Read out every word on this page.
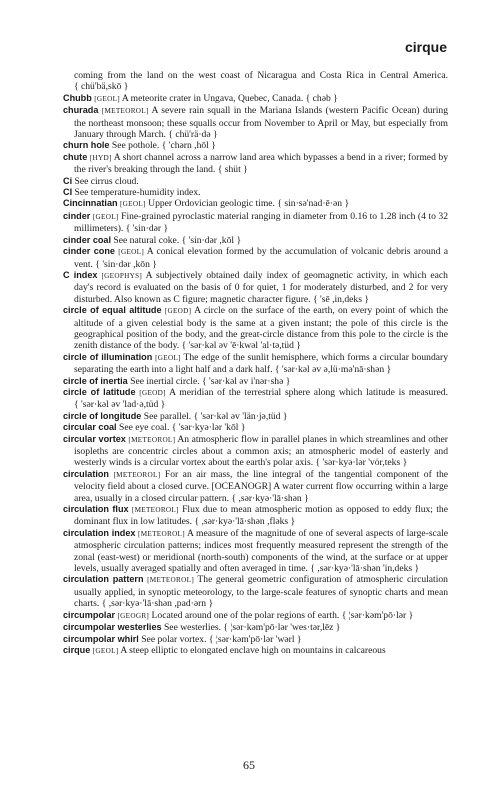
cirque
coming from the land on the west coast of Nicaragua and Costa Rica in Central America. { chü'bä,skō }
Chubb [GEOL] A meteorite crater in Ungava, Quebec, Canada. { chəb }
churada [METEOROL] A severe rain squall in the Mariana Islands (western Pacific Ocean) during the northeast monsoon; these squalls occur from November to April or May, but especially from January through March. { chü'rä·də }
churn hole See pothole. { 'chərn ,hōl }
chute [HYD] A short channel across a narrow land area which bypasses a bend in a river; formed by the river's breaking through the land. { shüt }
Ci See cirrus cloud.
CI See temperature-humidity index.
Cincinnatian [GEOL] Upper Ordovician geologic time. { sin·sə'nad·ē·ən }
cinder [GEOL] Fine-grained pyroclastic material ranging in diameter from 0.16 to 1.28 inch (4 to 32 millimeters). { 'sin·dər }
cinder coal See natural coke. { 'sin·dər ,kōl }
cinder cone [GEOL] A conical elevation formed by the accumulation of volcanic debris around a vent. { 'sin·dər ,kōn }
C index [GEOPHYS] A subjectively obtained daily index of geomagnetic activity, in which each day's record is evaluated on the basis of 0 for quiet, 1 for moderately disturbed, and 2 for very disturbed. Also known as C figure; magnetic character figure. { 'sē ,in,deks }
circle of equal altitude [GEOD] A circle on the surface of the earth, on every point of which the altitude of a given celestial body is the same at a given instant; the pole of this circle is the geographical position of the body, and the great-circle distance from this pole to the circle is the zenith distance of the body. { 'sər·kəl əv 'ē·kwəl 'al·tə,tüd }
circle of illumination [GEOL] The edge of the sunlit hemisphere, which forms a circular boundary separating the earth into a light half and a dark half. { 'sər·kəl əv ə,lü·mə'nā·shən }
circle of inertia See inertial circle. { 'sər·kəl əv i'nər·shə }
circle of latitude [GEOD] A meridian of the terrestrial sphere along which latitude is measured. { 'sər·kəl əv 'lad·ə,tüd }
circle of longitude See parallel. { 'sər·kəl əv 'län·jə,tüd }
circular coal See eye coal. { 'sər·kyə·lər 'kōl }
circular vortex [METEOROL] An atmospheric flow in parallel planes in which streamlines and other isopleths are concentric circles about a common axis; an atmospheric model of easterly and westerly winds is a circular vortex about the earth's polar axis. { 'sər·kyə·lər 'vȯr,teks }
circulation [METEOROL] For an air mass, the line integral of the tangential component of the velocity field about a closed curve. [OCEANOGR] A water current flow occurring within a large area, usually in a closed circular pattern. { ,sər·kyə·'lā·shən }
circulation flux [METEOROL] Flux due to mean atmospheric motion as opposed to eddy flux; the dominant flux in low latitudes. { ,sər·kyə·'lā·shən ,fləks }
circulation index [METEOROL] A measure of the magnitude of one of several aspects of large-scale atmospheric circulation patterns; indices most frequently measured represent the strength of the zonal (east-west) or meridional (north-south) components of the wind, at the surface or at upper levels, usually averaged spatially and often averaged in time. { ,sər·kyə·'lā·shən 'in,deks }
circulation pattern [METEOROL] The general geometric configuration of atmospheric circulation usually applied, in synoptic meteorology, to the large-scale features of synoptic charts and mean charts. { ,sər·kyə·'lā·shən ,pad·ərn }
circumpolar [GEOGR] Located around one of the polar regions of earth. { ¦sər·kəm'pō·lər }
circumpolar westerlies See westerlies. { ¦sər·kəm'pō·lər 'wes·tər,lēz }
circumpolar whirl See polar vortex. { ¦sər·kəm'pō·lər 'wərl }
cirque [GEOL] A steep elliptic to elongated enclave high on mountains in calcareous
65
